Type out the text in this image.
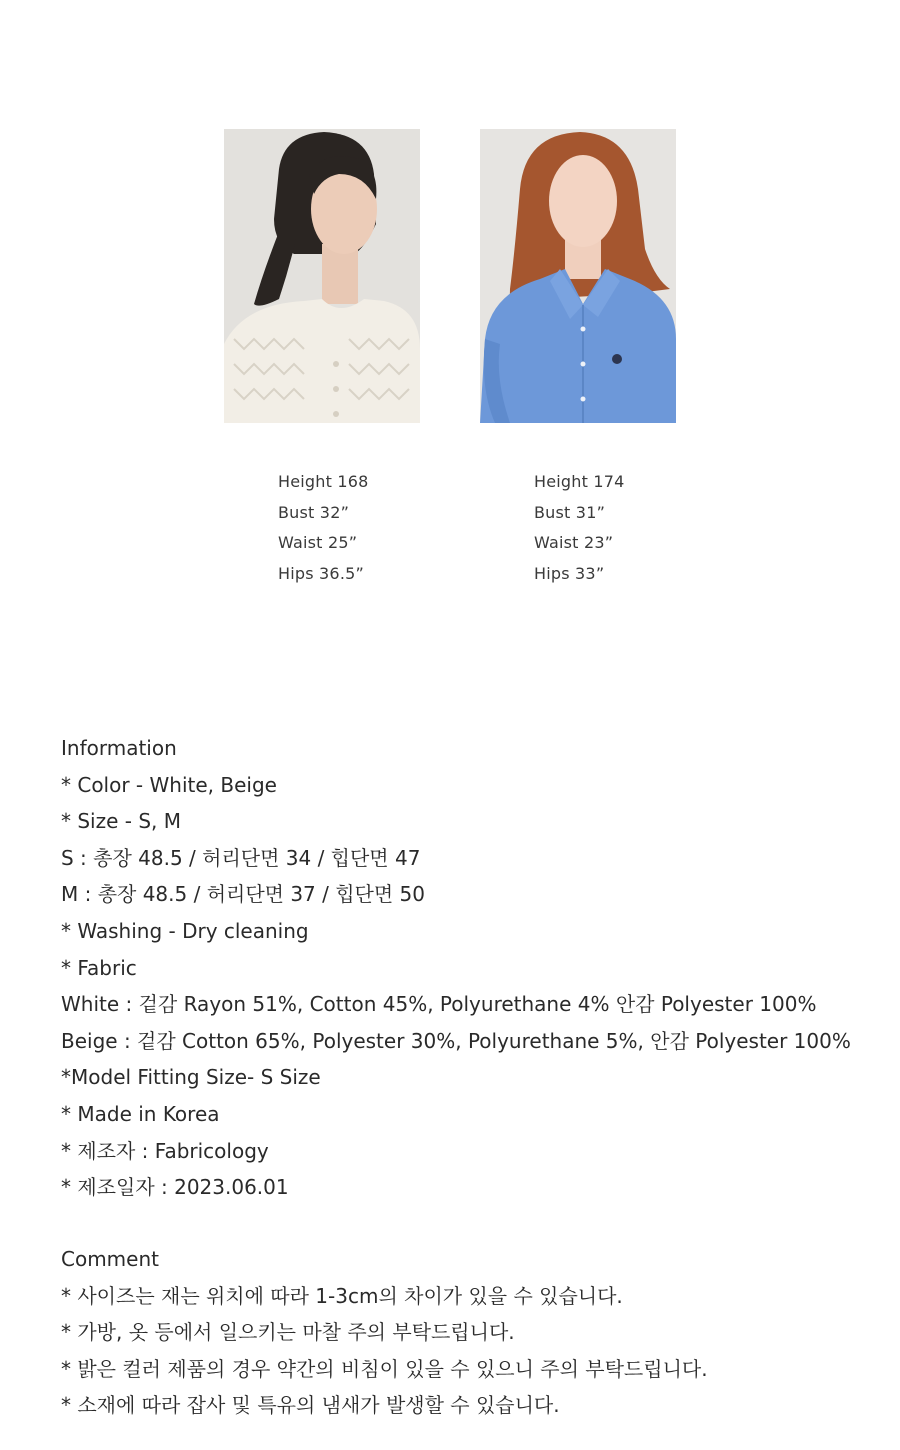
Height 168
Bust 32”
Waist 25”
Hips 36.5”
Height 174
Bust 31”
Waist 23”
Hips 33”
Information
* Color - White, Beige
* Size - S, M
S : 총장 48.5 / 허리단면 34 / 힙단면 47
M : 총장 48.5 / 허리단면 37 / 힙단면 50
* Washing - Dry cleaning
* Fabric
White : 겉감 Rayon 51%, Cotton 45%, Polyurethane 4% 안감 Polyester 100%
Beige : 겉감 Cotton 65%, Polyester 30%, Polyurethane 5%, 안감 Polyester 100%
*Model Fitting Size- S Size
* Made in Korea
* 제조자 : Fabricology
* 제조일자 : 2023.06.01
Comment
* 사이즈는 재는 위치에 따라 1-3cm의 차이가 있을 수 있습니다.
* 가방, 옷 등에서 일으키는 마찰 주의 부탁드립니다.
* 밝은 컬러 제품의 경우 약간의 비침이 있을 수 있으니 주의 부탁드립니다.
* 소재에 따라 잡사 및 특유의 냄새가 발생할 수 있습니다.
